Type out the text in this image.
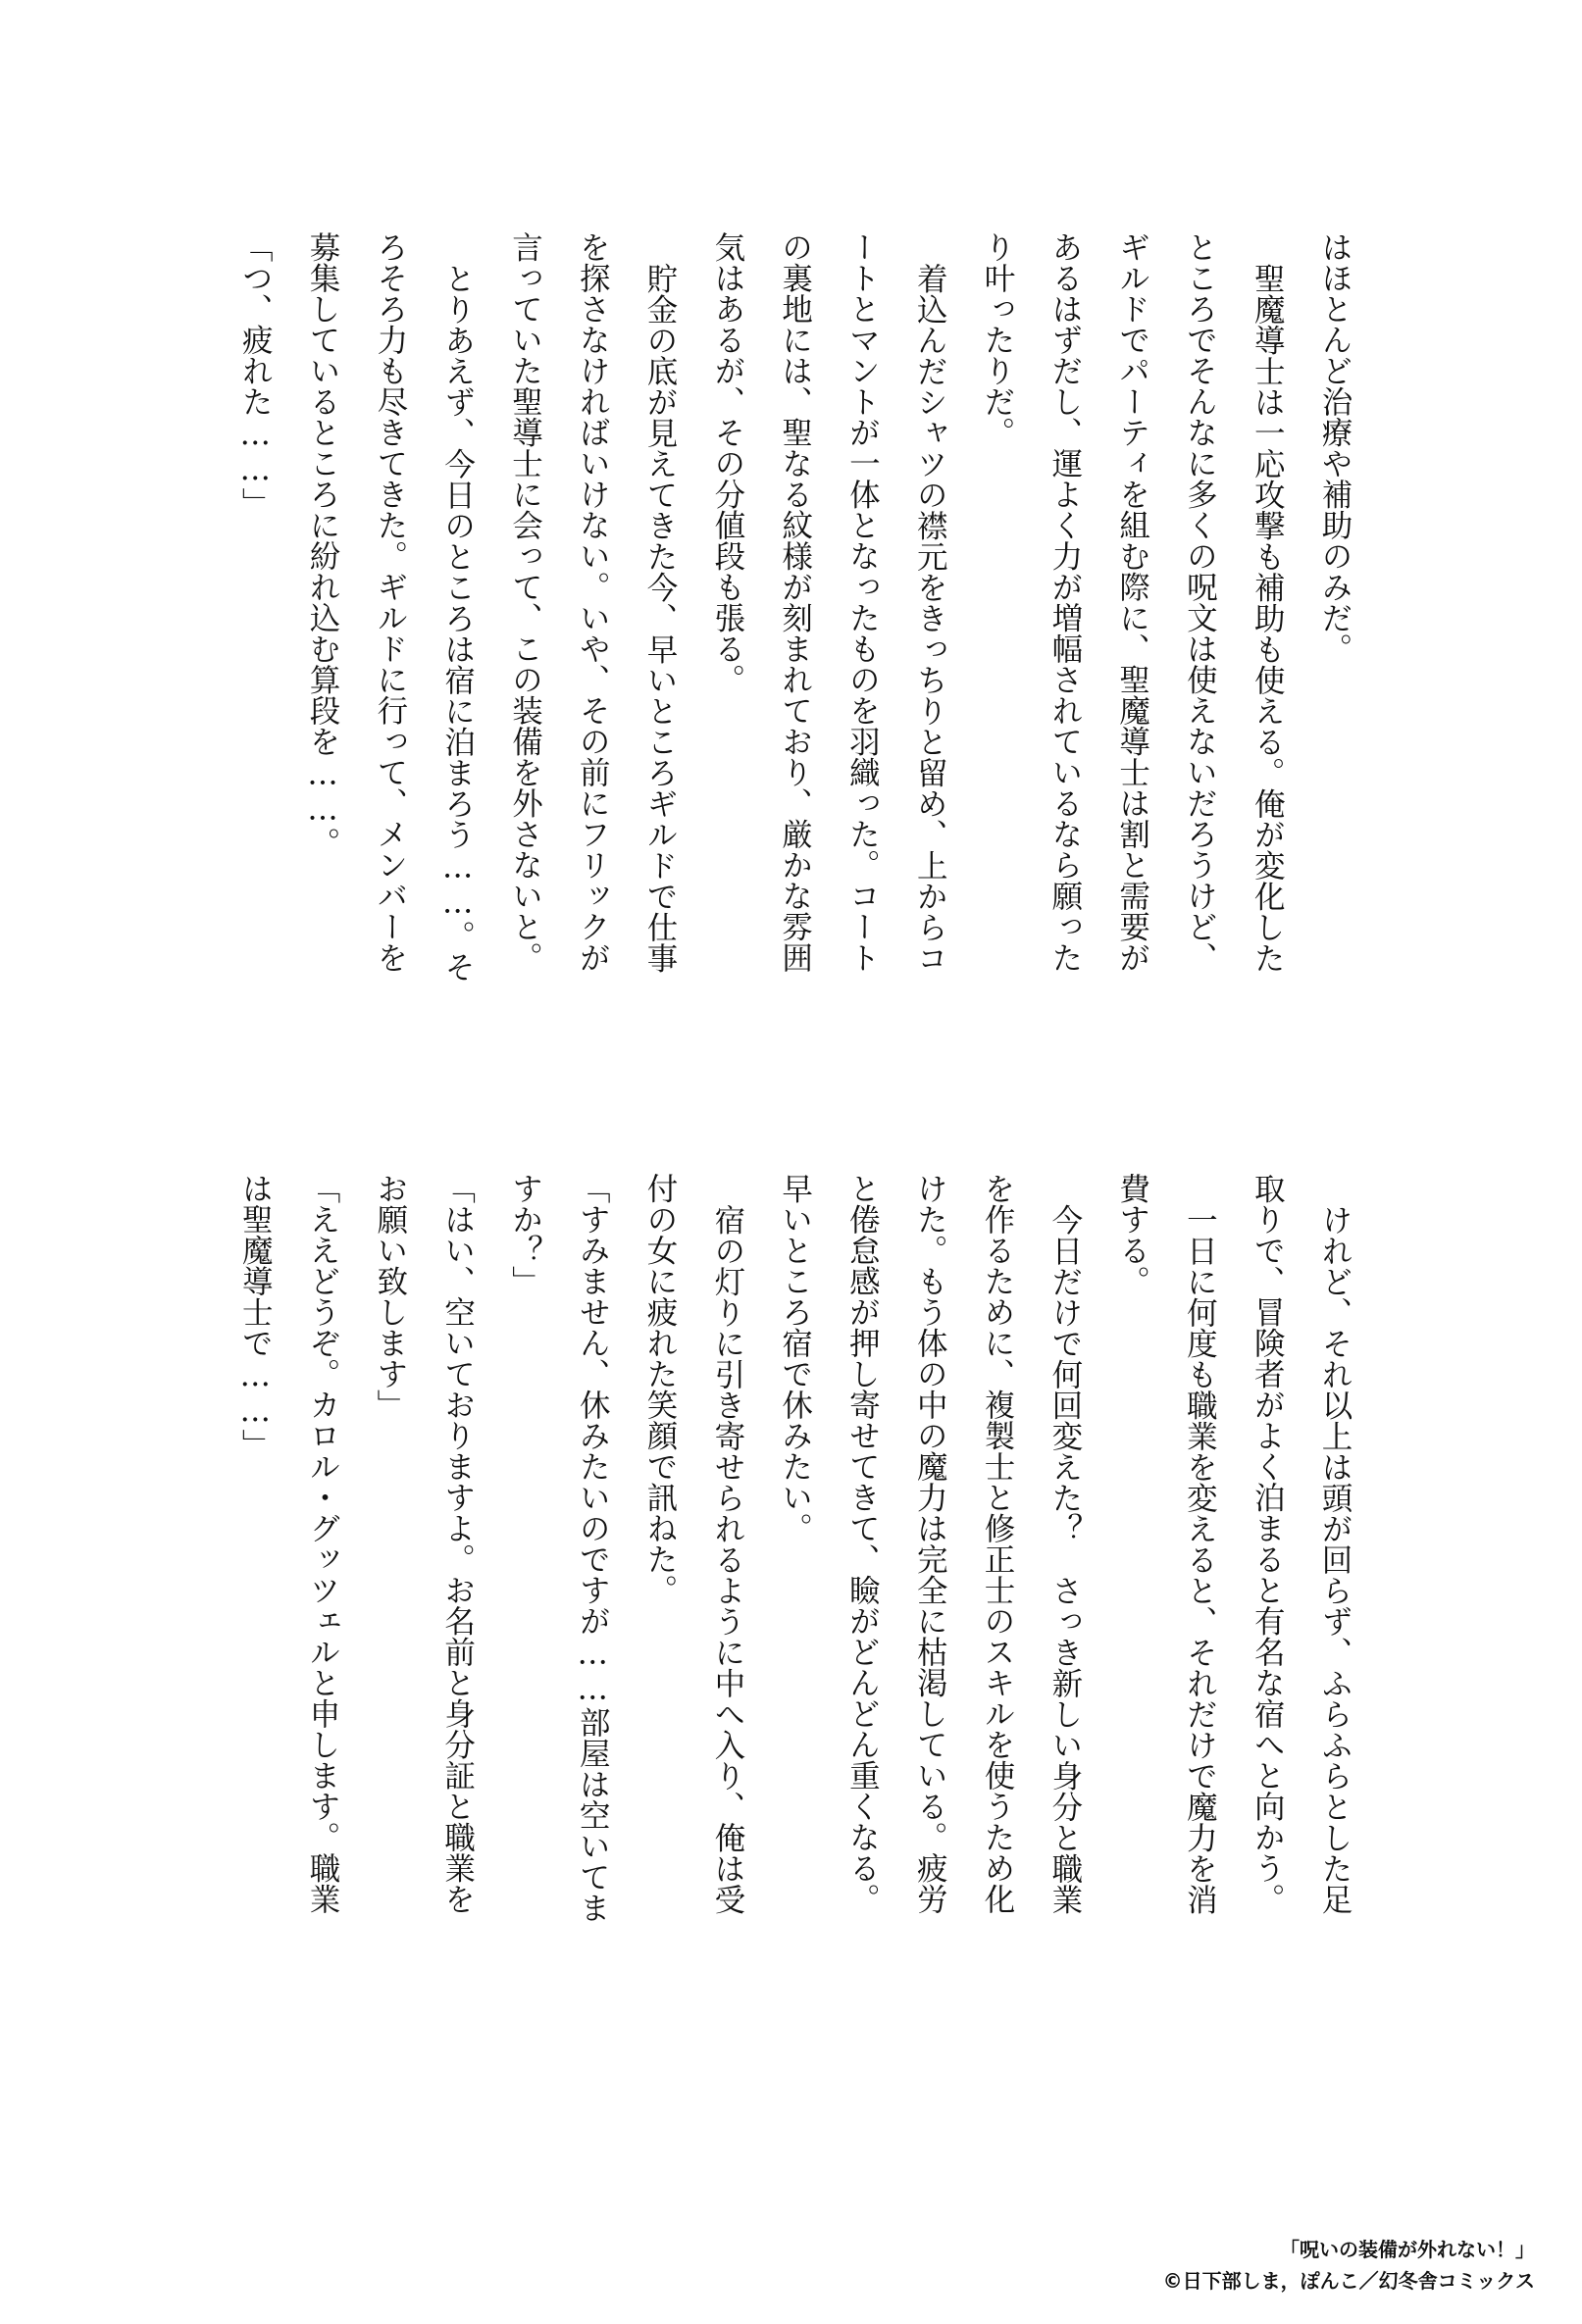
はほとんど治療や補助のみだ。

聖魔導士は一応攻撃も補助も使える。俺が変化した

ところでそんなに多くの呪文は使えないだろうけど、

ギルドでパーティを組む際に、聖魔導士は割と需要が

あるはずだし、運よく力が増幅されているなら願った

り叶ったりだ。

着込んだシャツの襟元をきっちりと留め、上からコ

ートとマントが一体となったものを羽織った。コート

の裏地には、聖なる紋様が刻まれており、厳かな雰囲

気はあるが、その分値段も張る。

貯金の底が見えてきた今、早いところギルドで仕事

を探さなければいけない。いや、その前にフリックが

言っていた聖導士に会って、この装備を外さないと。

とりあえず、今日のところは宿に泊まろう……。そ

ろそろ力も尽きてきた。ギルドに行って、メンバーを

募集しているところに紛れ込む算段を……。

「つ、疲れた……」

けれど、それ以上は頭が回らず、ふらふらとした足

取りで、冒険者がよく泊まると有名な宿へと向かう。

一日に何度も職業を変えると、それだけで魔力を消

費する。

今日だけで何回変えた？　さっき新しい身分と職業

を作るために、複製士と修正士のスキルを使うため化

けた。もう体の中の魔力は完全に枯渇している。疲労

と倦怠感が押し寄せてきて、瞼がどんどん重くなる。

早いところ宿で休みたい。

宿の灯りに引き寄せられるように中へ入り、俺は受

付の女に疲れた笑顔で訊ねた。

「すみません、休みたいのですが……部屋は空いてま

すか？」

「はい、空いておりますよ。お名前と身分証と職業を

お願い致します」

「ええどうぞ。カロル・グッツェルと申します。職業

は聖魔導士で……」

「呪いの装備が外れない！」
©日下部しま，ぽんこ／幻冬舎コミックス
